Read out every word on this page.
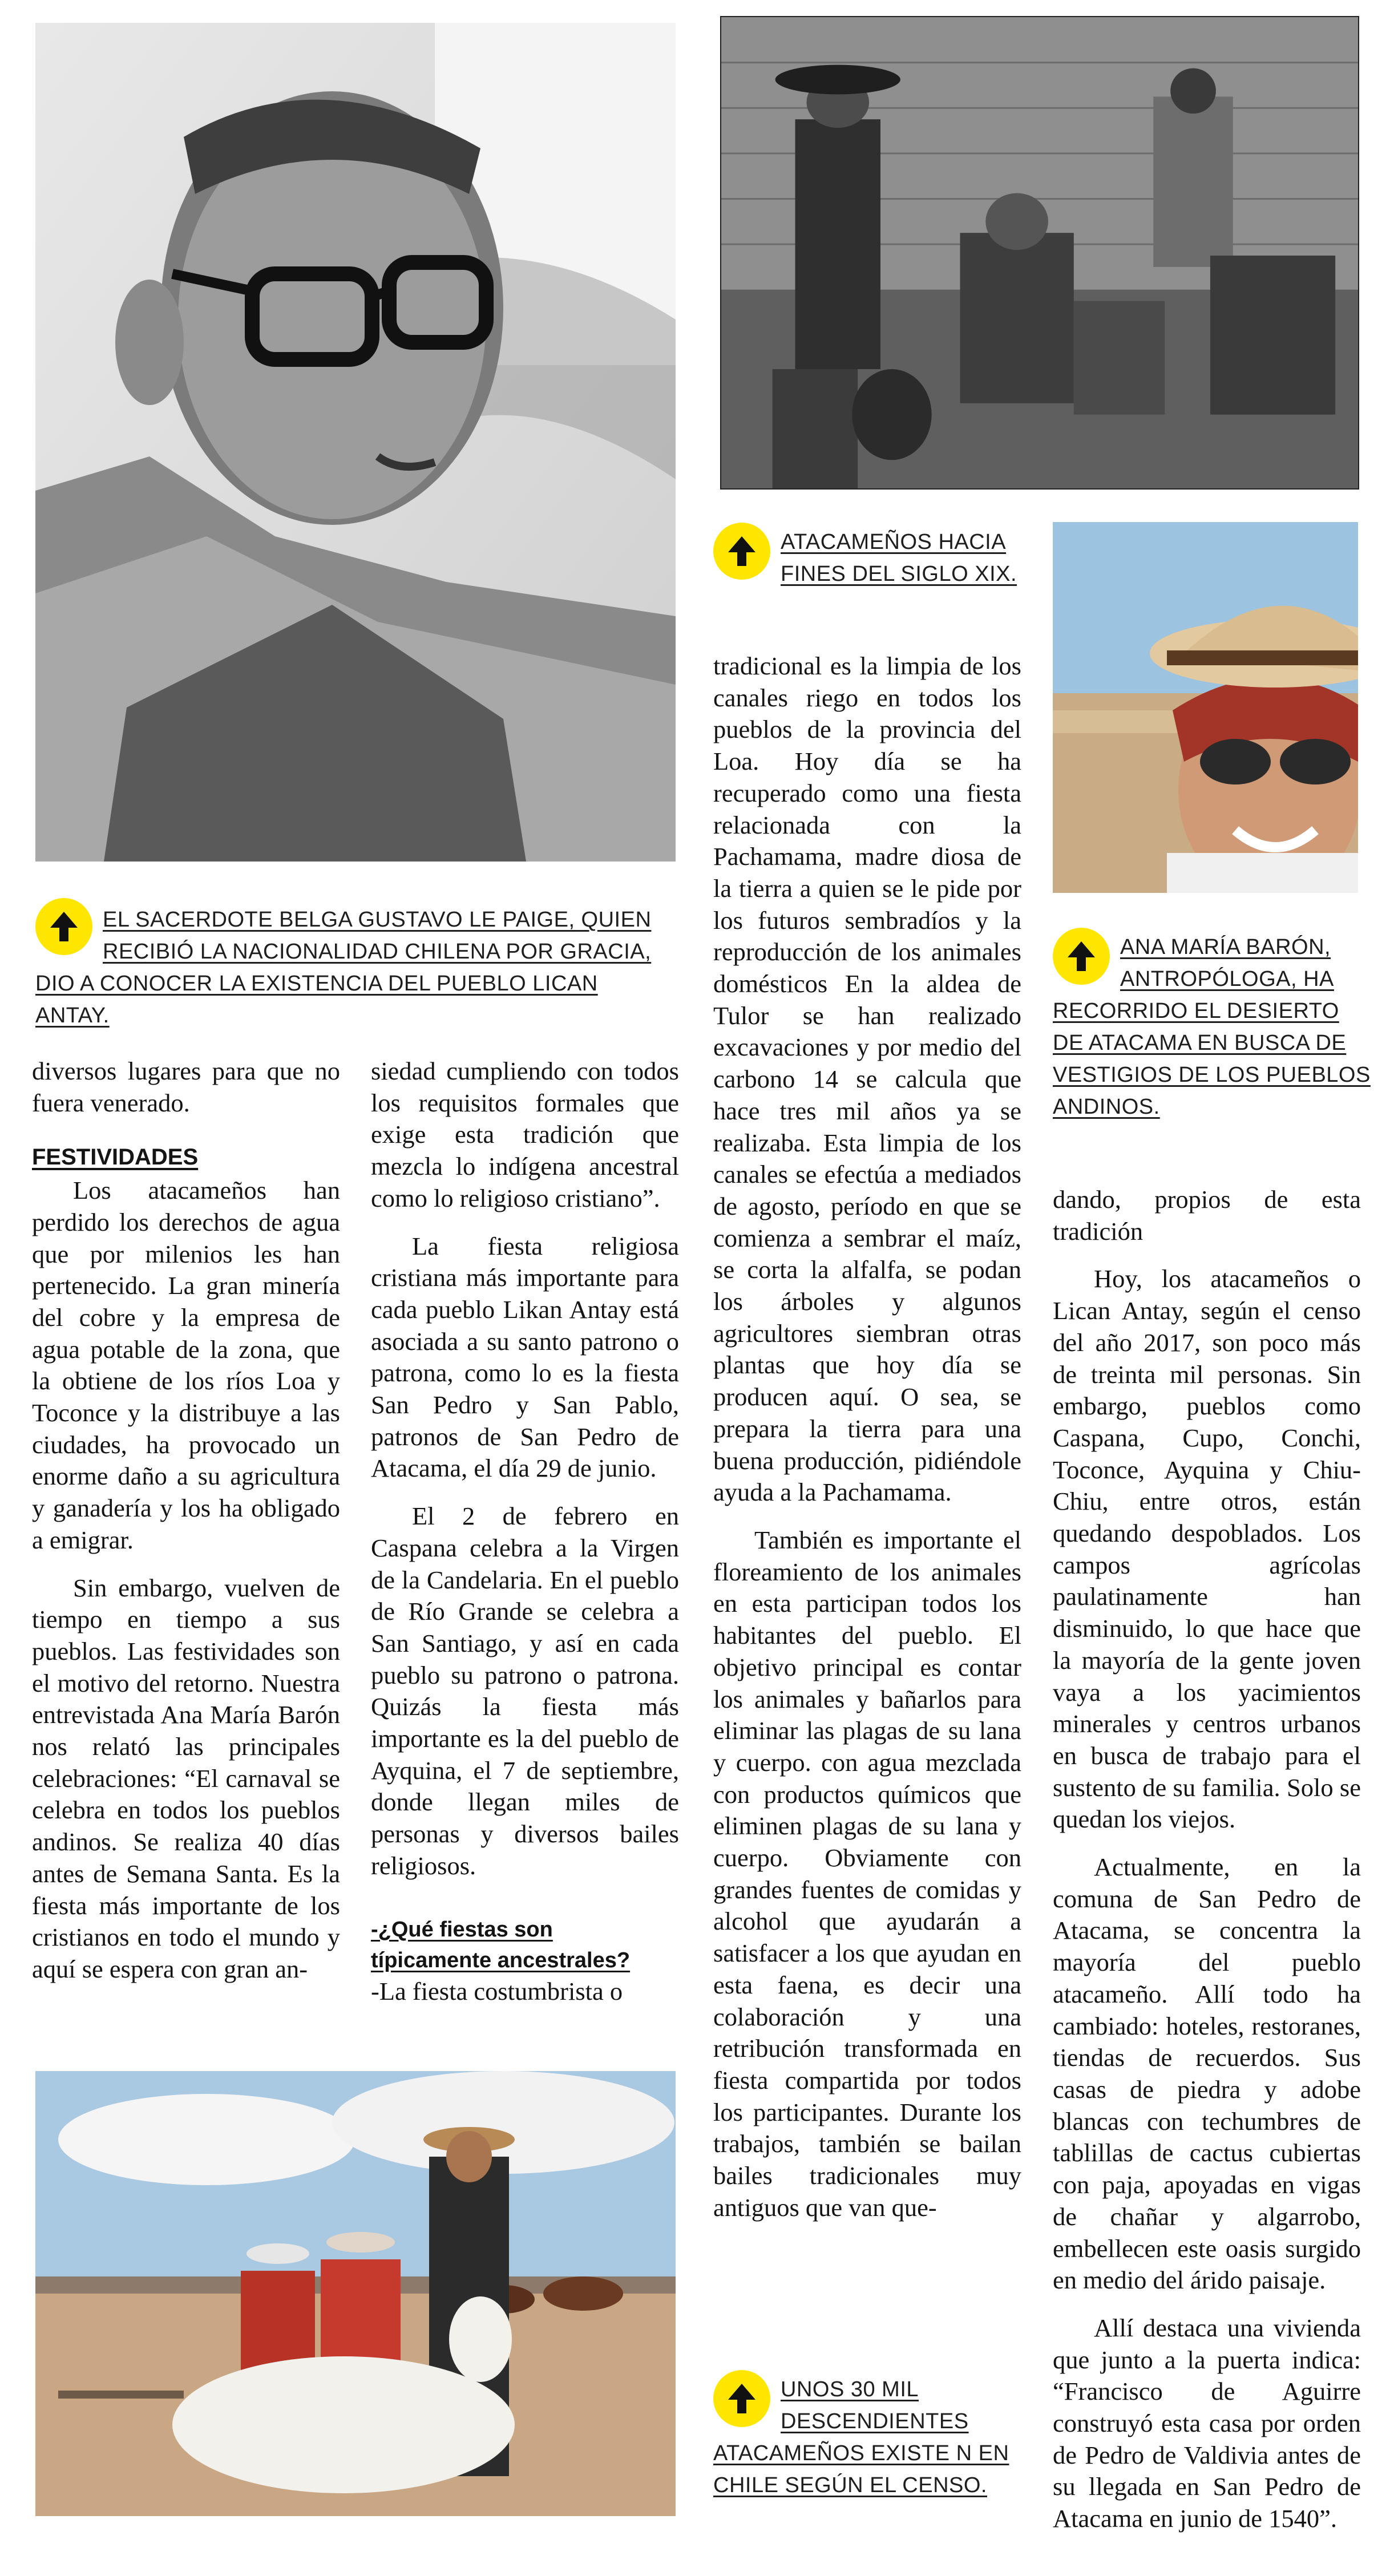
EL SACERDOTE BELGA GUSTAVO LE PAIGE, QUIEN
RECIBIÓ LA NACIONALIDAD CHILENA POR GRACIA,
DIO A CONOCER LA EXISTENCIA DEL PUEBLO LICAN ANTAY.
ATACAMEÑOS HACIA
FINES DEL SIGLO XIX.
ANA MARÍA BARÓN,
ANTROPÓLOGA, HA
RECORRIDO EL DESIERTO
DE ATACAMA EN BUSCA DE
VESTIGIOS DE LOS PUEBLOS
ANDINOS.
UNOS 30 MIL
DESCENDIENTES
ATACAMEÑOS EXISTE N EN
CHILE SEGÚN EL CENSO.

diversos lugares para que no fuera venerado.

FESTIVIDADES

Los atacameños han perdido los derechos de agua que por milenios les han pertenecido. La gran minería del cobre y la empresa de agua potable de la zona, que la obtiene de los ríos Loa y Toconce y la distribuye a las ciudades, ha provocado un enorme daño a su agricultura y ganadería y los ha obligado a emigrar.

Sin embargo, vuelven de tiempo en tiempo a sus pueblos. Las festividades son el motivo del retorno. Nuestra entrevistada Ana María Barón nos relató las principales celebraciones: “El carnaval se celebra en todos los pueblos andinos. Se realiza 40 días antes de Semana Santa. Es la fiesta más importante de los cristianos en todo el mundo y aquí se espera con gran an-

siedad cumpliendo con todos los requisitos formales que exige esta tradición que mezcla lo indígena ancestral como lo religioso cristiano”.

La fiesta religiosa cristiana más importante para cada pueblo Likan Antay está asociada a su santo patrono o patrona, como lo es la fiesta San Pedro y San Pablo, patronos de San Pedro de Atacama, el día 29 de junio.

El 2 de febrero en Caspana celebra a la Virgen de la Candelaria. En el pueblo de Río Grande se celebra a San Santiago, y así en cada pueblo su patrono o patrona. Quizás la fiesta más importante es la del pueblo de Ayquina, el 7 de septiembre, donde llegan miles de personas y diversos bailes religiosos.

-¿Qué fiestas son típicamente ancestrales?

-La fiesta costumbrista o

tradicional es la limpia de los canales riego en todos los pueblos de la provincia del Loa. Hoy día se ha recuperado como una fiesta relacionada con la Pachamama, madre diosa de la tierra a quien se le pide por los futuros sembradíos y la reproducción de los animales domésticos En la aldea de Tulor se han realizado excavaciones y por medio del carbono 14 se calcula que hace tres mil años ya se realizaba. Esta limpia de los canales se efectúa a mediados de agosto, período en que se comienza a sembrar el maíz, se corta la alfalfa, se podan los árboles y algunos agricultores siembran otras plantas que hoy día se producen aquí. O sea, se prepara la tierra para una buena producción, pidiéndole ayuda a la Pachamama.

También es importante el floreamiento de los animales en esta participan todos los habitantes del pueblo. El objetivo principal es contar los animales y bañarlos para eliminar las plagas de su lana y cuerpo. con agua mezclada con productos químicos que eliminen plagas de su lana y cuerpo. Obviamente con grandes fuentes de comidas y alcohol que ayudarán a satisfacer a los que ayudan en esta faena, es decir una colaboración y una retribución transformada en fiesta compartida por todos los participantes. Durante los trabajos, también se bailan bailes tradicionales muy antiguos que van que-

dando, propios de esta tradición

Hoy, los atacameños o Lican Antay, según el censo del año 2017, son poco más de treinta mil personas. Sin embargo, pueblos como Caspana, Cupo, Conchi, Toconce, Ayquina y Chiu-Chiu, entre otros, están quedando despoblados. Los campos agrícolas paulatinamente han disminuido, lo que hace que la mayoría de la gente joven vaya a los yacimientos minerales y centros urbanos en busca de trabajo para el sustento de su familia. Solo se quedan los viejos.

Actualmente, en la comuna de San Pedro de Atacama, se concentra la mayoría del pueblo atacameño. Allí todo ha cambiado: hoteles, restoranes, tiendas de recuerdos. Sus casas de piedra y adobe blancas con techumbres de tablillas de cactus cubiertas con paja, apoyadas en vigas de chañar y algarrobo, embellecen este oasis surgido en medio del árido paisaje.

Allí destaca una vivienda que junto a la puerta indica: “Francisco de Aguirre construyó esta casa por orden de Pedro de Valdivia antes de su llegada en San Pedro de Atacama en junio de 1540”.
